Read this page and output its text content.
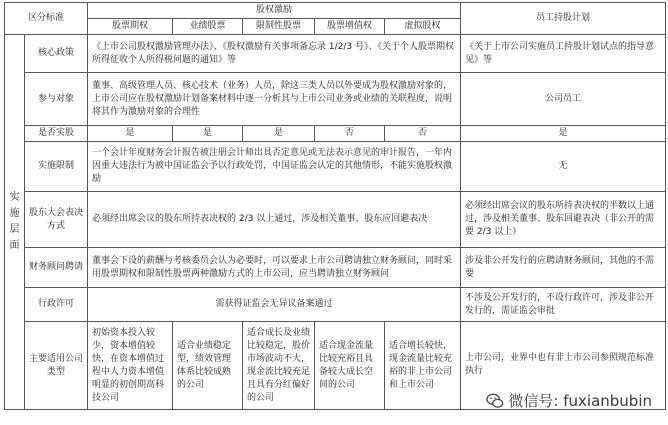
区分标准		股权激励					员工持股计划
		股票期权	业绩股票	限制性股票	股票增值权	虚拟股权	
实 施 层 面	核心政策	《上市公司股权激励管理办法》、《股权激励有关事项备忘录 1/2/3 号》、《关于个人股票期权所得征收个人所得税问题的通知》等					《关于上市公司实施员工持股计划试点的指导意见》等
	参与对象	董事、高级管理人员、核心技术（业务）人员，除这三类人员以外要成为股权激励对象的，上市公司应在股权激励计划备案材料中逐一分析其与上市公司业务或业绩的关联程度，说明将其作为激励对象的合理性					公司员工
	是否实股	是	是	是	否	否	是
	实施限制	一个会计年度财务会计报告被注册会计师出具否定意见或无法表示意见的审计报告，一年内因重大违法行为被中国证监会予以行政处罚，中国证监会认定的其他情形，不能实施股权激励					无
	股东大会表决方式	必须经出席会议的股东所持表决权的 2/3 以上通过，涉及相关董事、股东应回避表决					必须经出席会议的股东所持表决权的半数以上通过，涉及相关董事、股东回避表决（非公开的需要 2/3 以上）
	财务顾问聘请	董事会下设的薪酬与考核委员会认为必要时，可以要求上市公司聘请独立财务顾问，同时采用股票期权和限制性股票两种激励方式的上市公司，应当聘请独立财务顾问					涉及非公开发行的应聘请财务顾问，其他的不需要
	行政许可	需获得证监会无异议备案通过					不涉及公开发行的，不设行政许可，涉及非公开发行的，需证监会审批
	主要适用公司类型	初始资本投入较少，资本增值较快，在资本增值过程中人力资本增值明显的初创期高科技公司	适合业绩稳定型，绩效管理体系比较成熟的公司	适合成长及业绩比较稳定，股价市场波动不大，现金流比较充足且具有分红偏好的公司	适合现金流量比较充裕且具备较大成长空间的公司	适合增长较快，现金流量比较充裕的非上市公司和上市公司	上市公司，业界中也有非上市公司参照规范标准执行
微信号: fuxianbubin
